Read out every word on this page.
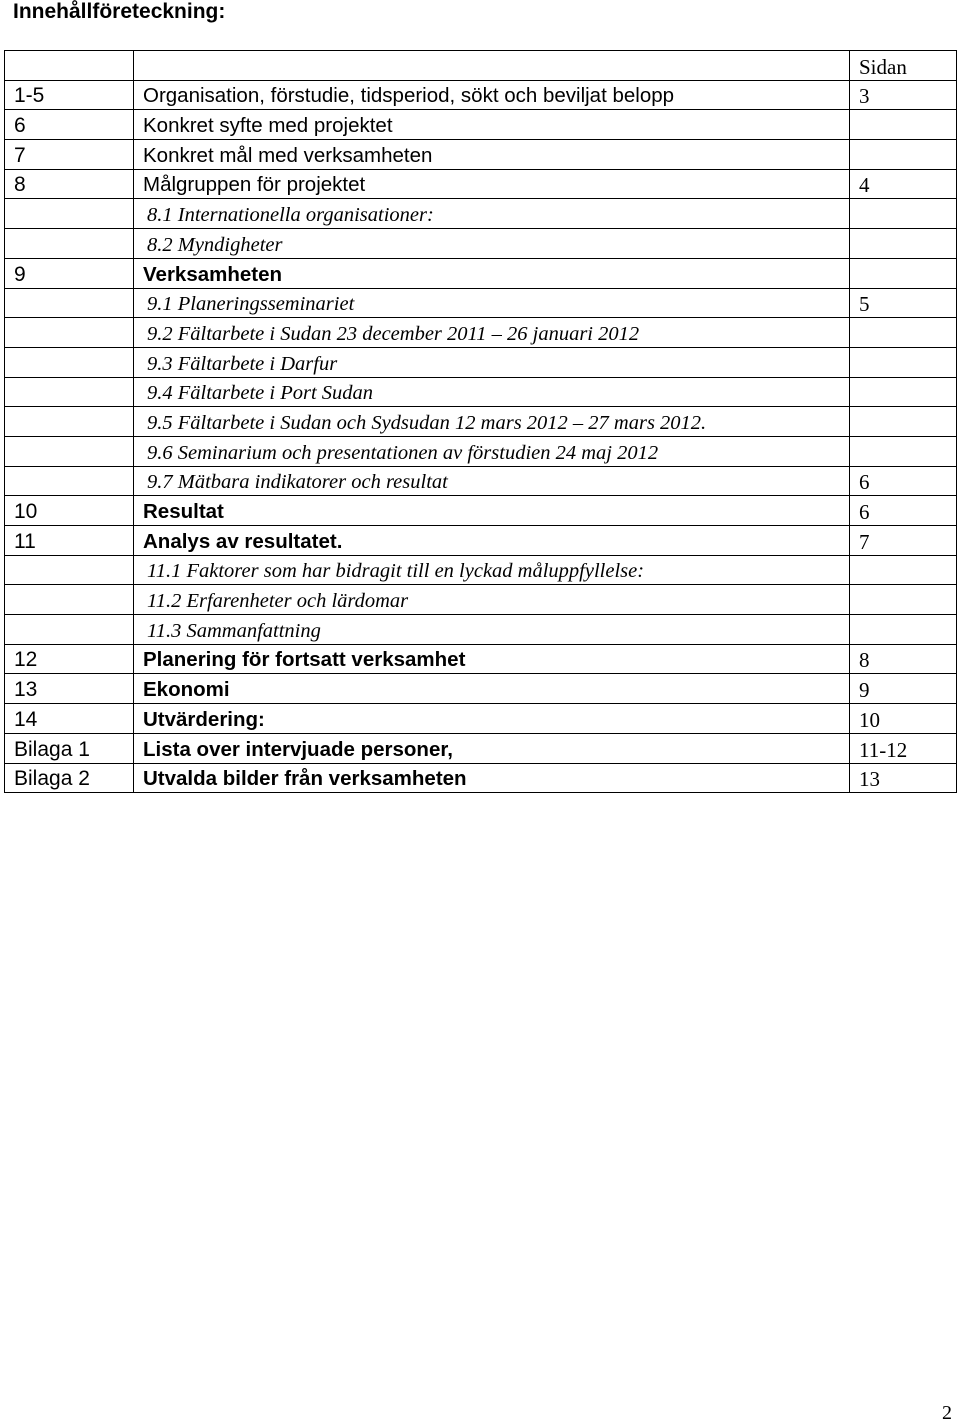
Innehållföreteckning:
		Sidan
1-5	Organisation, förstudie, tidsperiod, sökt och beviljat belopp	3
6	Konkret syfte med projektet	
7	Konkret mål med verksamheten	
8	Målgruppen för projektet	4
	8.1 Internationella organisationer:	
	8.2 Myndigheter	
9	Verksamheten	
	9.1 Planeringsseminariet	5
	9.2 Fältarbete i Sudan 23 december 2011 – 26 januari 2012	
	9.3 Fältarbete i Darfur	
	9.4 Fältarbete i Port Sudan	
	9.5 Fältarbete i Sudan och Sydsudan 12 mars 2012 – 27 mars 2012.	
	9.6 Seminarium och presentationen av förstudien 24 maj 2012	
	9.7 Mätbara indikatorer och resultat	6
10	Resultat	6
11	Analys av resultatet.	7
	11.1 Faktorer som har bidragit till en lyckad måluppfyllelse:	
	11.2 Erfarenheter och lärdomar	
	11.3 Sammanfattning	
12	Planering för fortsatt verksamhet	8
13	Ekonomi	9
14	Utvärdering:	10
Bilaga 1	Lista over intervjuade personer,	11-12
Bilaga 2	Utvalda bilder från verksamheten	13
2
